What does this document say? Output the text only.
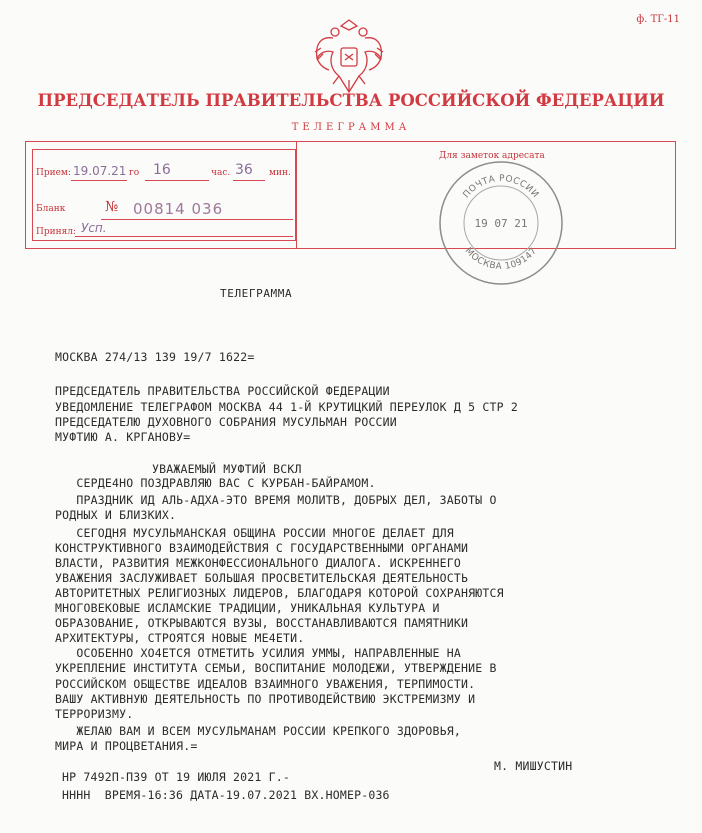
ф. ТГ-11
ПРЕДСЕДАТЕЛЬ ПРАВИТЕЛЬСТВА РОССИЙСКОЙ ФЕДЕРАЦИИ
ТЕЛЕГРАММА
Прием: 19.07.21 го 16	час. 36 мин.
Бланк	№ 00814 036
Принял: Усп.
Для заметок адресата
ПОЧТА РОССИИ
19 07 21
МОСКВА 109147
ТЕЛЕГРАММА
МОСКВА 274/13 139 19/7 1622=
ПРЕДСЕДАТЕЛЬ ПРАВИТЕЛЬСТВА РОССИЙСКОЙ ФЕДЕРАЦИИ
УВЕДОМЛЕНИЕ ТЕЛЕГРАФОМ МОСКВА 44 1-Й КРУТИЦКИЙ ПЕРЕУЛОК Д 5 СТР 2
ПРЕДСЕДАТЕЛЮ ДУХОВНОГО СОБРАНИЯ МУСУЛЬМАН РОССИИ
МУФТИЮ А. КРГАНОВУ=
УВАЖАЕМЫЙ МУФТИЙ ВСКЛ
СЕРДЕ4НО ПОЗДРАВЛЯЮ ВАС С КУРБАН-БАЙРАМОМ.
ПРАЗДНИК ИД АЛЬ-АДХА-ЭТО ВРЕМЯ МОЛИТВ, ДОБРЫХ ДЕЛ, ЗАБОТЫ О
РОДНЫХ И БЛИЗКИХ.
СЕГОДНЯ МУСУЛЬМАНСКАЯ ОБЩИНА РОССИИ МНОГОЕ ДЕЛАЕТ ДЛЯ
КОНСТРУКТИВНОГО ВЗАИМОДЕЙСТВИЯ С ГОСУДАРСТВЕННЫМИ ОРГАНАМИ
ВЛАСТИ, РАЗВИТИЯ МЕЖКОНФЕССИОНАЛЬНОГО ДИАЛОГА. ИСКРЕННЕГО
УВАЖЕНИЯ ЗАСЛУЖИВАЕТ БОЛЬШАЯ ПРОСВЕТИТЕЛЬСКАЯ ДЕЯТЕЛЬНОСТЬ
АВТОРИТЕТНЫХ РЕЛИГИОЗНЫХ ЛИДЕРОВ, БЛАГОДАРЯ КОТОРОЙ СОХРАНЯЮТСЯ
МНОГОВЕКОВЫЕ ИСЛАМСКИЕ ТРАДИЦИИ, УНИКАЛЬНАЯ КУЛЬТУРА И
ОБРАЗОВАНИЕ, ОТКРЫВАЮТСЯ ВУЗЫ, ВОССТАНАВЛИВАЮТСЯ ПАМЯТНИКИ
АРХИТЕКТУРЫ, СТРОЯТСЯ НОВЫЕ МЕ4ЕТИ.
ОСОБЕННО ХО4ЕТСЯ ОТМЕТИТЬ УСИЛИЯ УММЫ, НАПРАВЛЕННЫЕ НА
УКРЕПЛЕНИЕ ИНСТИТУТА СЕМЬИ, ВОСПИТАНИЕ МОЛОДЕЖИ, УТВЕРЖДЕНИЕ В
РОССИЙСКОМ ОБЩЕСТВЕ ИДЕАЛОВ ВЗАИМНОГО УВАЖЕНИЯ, ТЕРПИМОСТИ.
ВАШУ АКТИВНУЮ ДЕЯТЕЛЬНОСТЬ ПО ПРОТИВОДЕЙСТВИЮ ЭКСТРЕМИЗМУ И
ТЕРРОРИЗМУ.
ЖЕЛАЮ ВАМ И ВСЕМ МУСУЛЬМАНАМ РОССИИ КРЕПКОГО ЗДОРОВЬЯ,
МИРА И ПРОЦВЕТАНИЯ.=
М. МИШУСТИН
НР 7492П-П39 ОТ 19 ИЮЛЯ 2021 Г.-
НННН  ВРЕМЯ-16:36 ДАТА-19.07.2021 ВХ.НОМЕР-036
